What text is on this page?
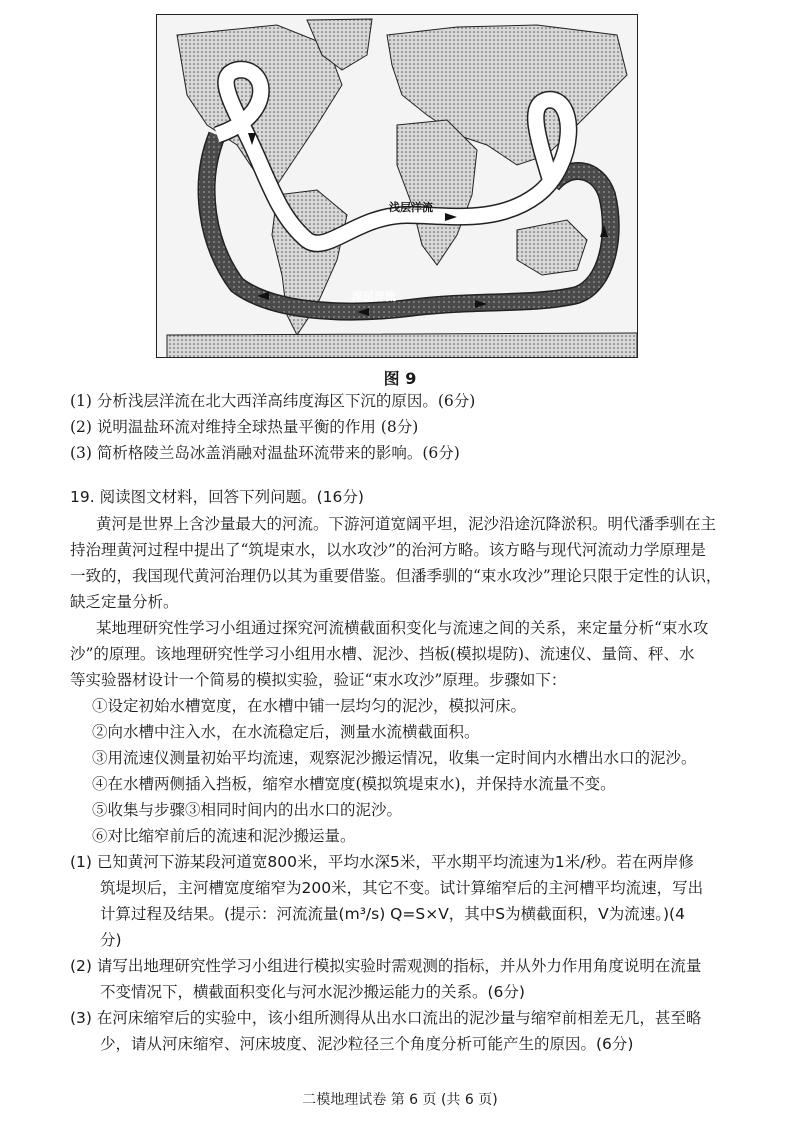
浅层洋流
深层洋流
图 9
(1) 分析浅层洋流在北大西洋高纬度海区下沉的原因。(6分)
(2) 说明温盐环流对维持全球热量平衡的作用 (8分)
(3) 简析格陵兰岛冰盖消融对温盐环流带来的影响。(6分)
19. 阅读图文材料，回答下列问题。(16分)
黄河是世界上含沙量最大的河流。下游河道宽阔平坦，泥沙沿途沉降淤积。明代潘季驯在主
持治理黄河过程中提出了“筑堤束水，以水攻沙”的治河方略。该方略与现代河流动力学原理是
一致的，我国现代黄河治理仍以其为重要借鉴。但潘季驯的“束水攻沙”理论只限于定性的认识，
缺乏定量分析。
某地理研究性学习小组通过探究河流横截面积变化与流速之间的关系，来定量分析“束水攻
沙”的原理。该地理研究性学习小组用水槽、泥沙、挡板(模拟堤防)、流速仪、量筒、秤、水
等实验器材设计一个简易的模拟实验，验证“束水攻沙”原理。步骤如下：
①设定初始水槽宽度，在水槽中铺一层均匀的泥沙，模拟河床。
②向水槽中注入水，在水流稳定后，测量水流横截面积。
③用流速仪测量初始平均流速，观察泥沙搬运情况，收集一定时间内水槽出水口的泥沙。
④在水槽两侧插入挡板，缩窄水槽宽度(模拟筑堤束水)，并保持水流量不变。
⑤收集与步骤③相同时间内的出水口的泥沙。
⑥对比缩窄前后的流速和泥沙搬运量。
(1) 已知黄河下游某段河道宽800米，平均水深5米，平水期平均流速为1米/秒。若在两岸修
筑堤坝后，主河槽宽度缩窄为200米，其它不变。试计算缩窄后的主河槽平均流速，写出
计算过程及结果。(提示：河流流量(m³/s) Q=S×V，其中S为横截面积，V为流速。)(4
分)
(2) 请写出地理研究性学习小组进行模拟实验时需观测的指标，并从外力作用角度说明在流量
不变情况下，横截面积变化与河水泥沙搬运能力的关系。(6分)
(3) 在河床缩窄后的实验中，该小组所测得从出水口流出的泥沙量与缩窄前相差无几，甚至略
少，请从河床缩窄、河床坡度、泥沙粒径三个角度分析可能产生的原因。(6分)
二模地理试卷 第 6 页 (共 6 页)
